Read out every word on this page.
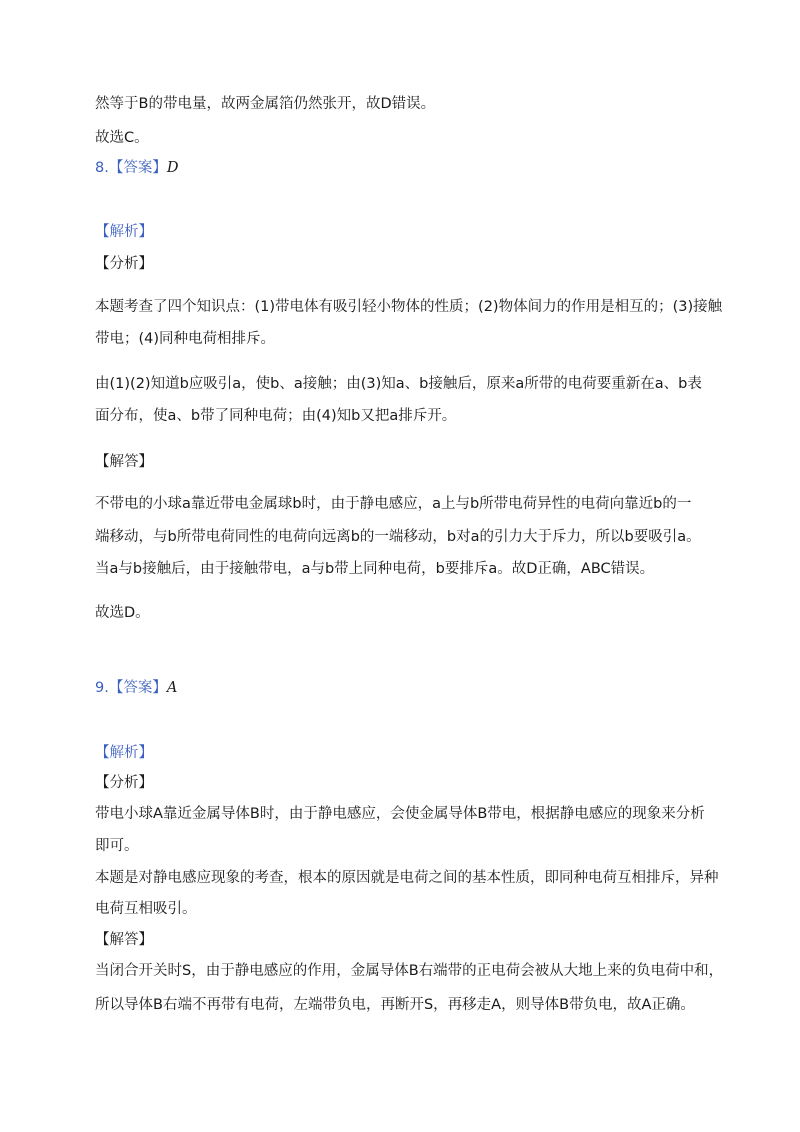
然等于B的带电量，故两金属箔仍然张开，故D错误。
故选C。
8.【答案】D
【解析】
【分析】
本题考查了四个知识点：(1)带电体有吸引轻小物体的性质；(2)物体间力的作用是相互的；(3)接触
带电；(4)同种电荷相排斥。
由(1)(2)知道b应吸引a，使b、a接触；由(3)知a、b接触后，原来a所带的电荷要重新在a、b表
面分布，使a、b带了同种电荷；由(4)知b又把a排斥开。
【解答】
不带电的小球a靠近带电金属球b时，由于静电感应，a上与b所带电荷异性的电荷向靠近b的一
端移动，与b所带电荷同性的电荷向远离b的一端移动，b对a的引力大于斥力，所以b要吸引a。
当a与b接触后，由于接触带电，a与b带上同种电荷，b要排斥a。故D正确，ABC错误。
故选D。
9.【答案】A
【解析】
【分析】
带电小球A靠近金属导体B时，由于静电感应，会使金属导体B带电，根据静电感应的现象来分析
即可。
本题是对静电感应现象的考查，根本的原因就是电荷之间的基本性质，即同种电荷互相排斥，异种
电荷互相吸引。
【解答】
当闭合开关时S，由于静电感应的作用，金属导体B右端带的正电荷会被从大地上来的负电荷中和，
所以导体B右端不再带有电荷，左端带负电，再断开S，再移走A，则导体B带负电，故A正确。
